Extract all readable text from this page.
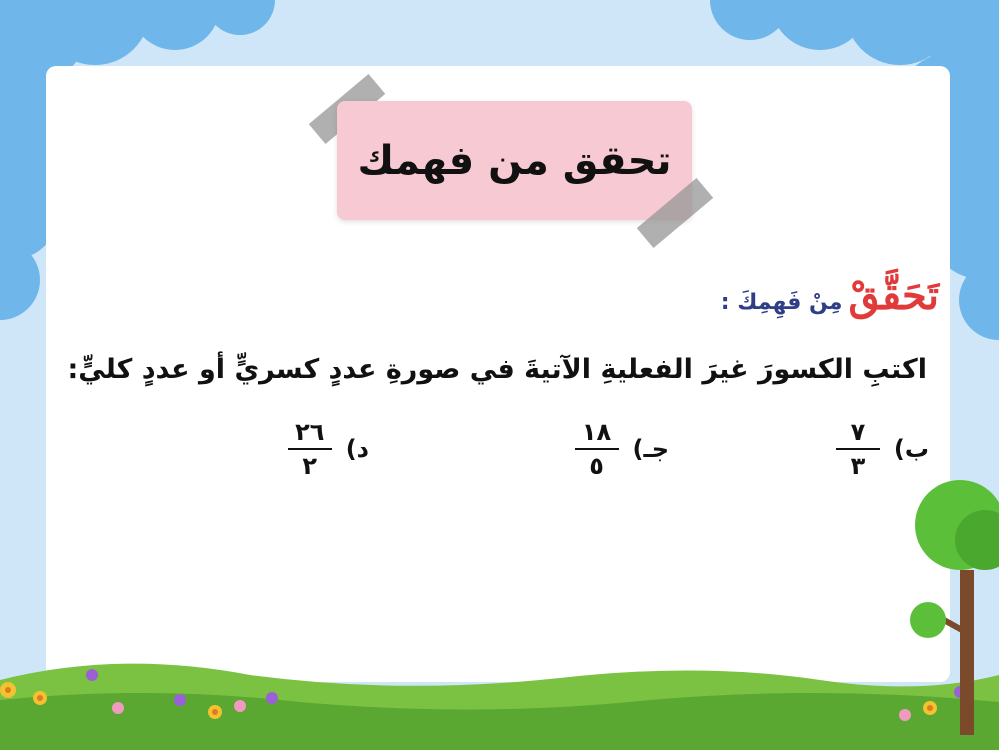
تحقق من فهمك
تَحَقَّقْ
مِنْ فَهِمِكَ :
اكتبِ الكسورَ غيرَ الفعليةِ الآتيةَ في صورةِ عددٍ كسريٍّ أو عددٍ كليٍّ:
ب)
$\frac{٧}{٣}$
جـ)
$\frac{١٨}{٥}$
د)
$\frac{٢٦}{٢}$
